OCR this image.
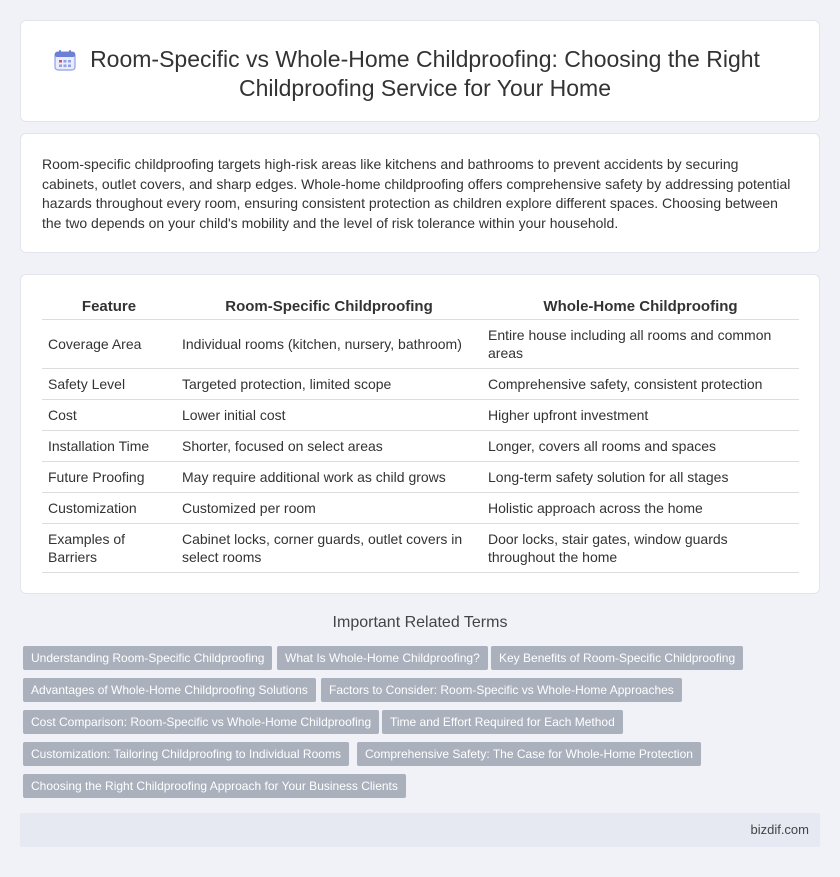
Room-Specific vs Whole-Home Childproofing: Choosing the Right Childproofing Service for Your Home

Room-specific childproofing targets high-risk areas like kitchens and bathrooms to prevent accidents by securing cabinets, outlet covers, and sharp edges. Whole-home childproofing offers comprehensive safety by addressing potential hazards throughout every room, ensuring consistent protection as children explore different spaces. Choosing between the two depends on your child's mobility and the level of risk tolerance within your household.

Feature	Room-Specific Childproofing	Whole-Home Childproofing
Coverage Area	Individual rooms (kitchen, nursery, bathroom)	Entire house including all rooms and common areas
Safety Level	Targeted protection, limited scope	Comprehensive safety, consistent protection
Cost	Lower initial cost	Higher upfront investment
Installation Time	Shorter, focused on select areas	Longer, covers all rooms and spaces
Future Proofing	May require additional work as child grows	Long-term safety solution for all stages
Customization	Customized per room	Holistic approach across the home
Examples of Barriers	Cabinet locks, corner guards, outlet covers in select rooms	Door locks, stair gates, window guards throughout the home
Important Related Terms
Understanding Room-Specific Childproofing	What Is Whole-Home Childproofing?	Key Benefits of Room-Specific Childproofing
Advantages of Whole-Home Childproofing Solutions	Factors to Consider: Room-Specific vs Whole-Home Approaches
Cost Comparison: Room-Specific vs Whole-Home Childproofing	Time and Effort Required for Each Method
Customization: Tailoring Childproofing to Individual Rooms	Comprehensive Safety: The Case for Whole-Home Protection
Choosing the Right Childproofing Approach for Your Business Clients
bizdif.com
